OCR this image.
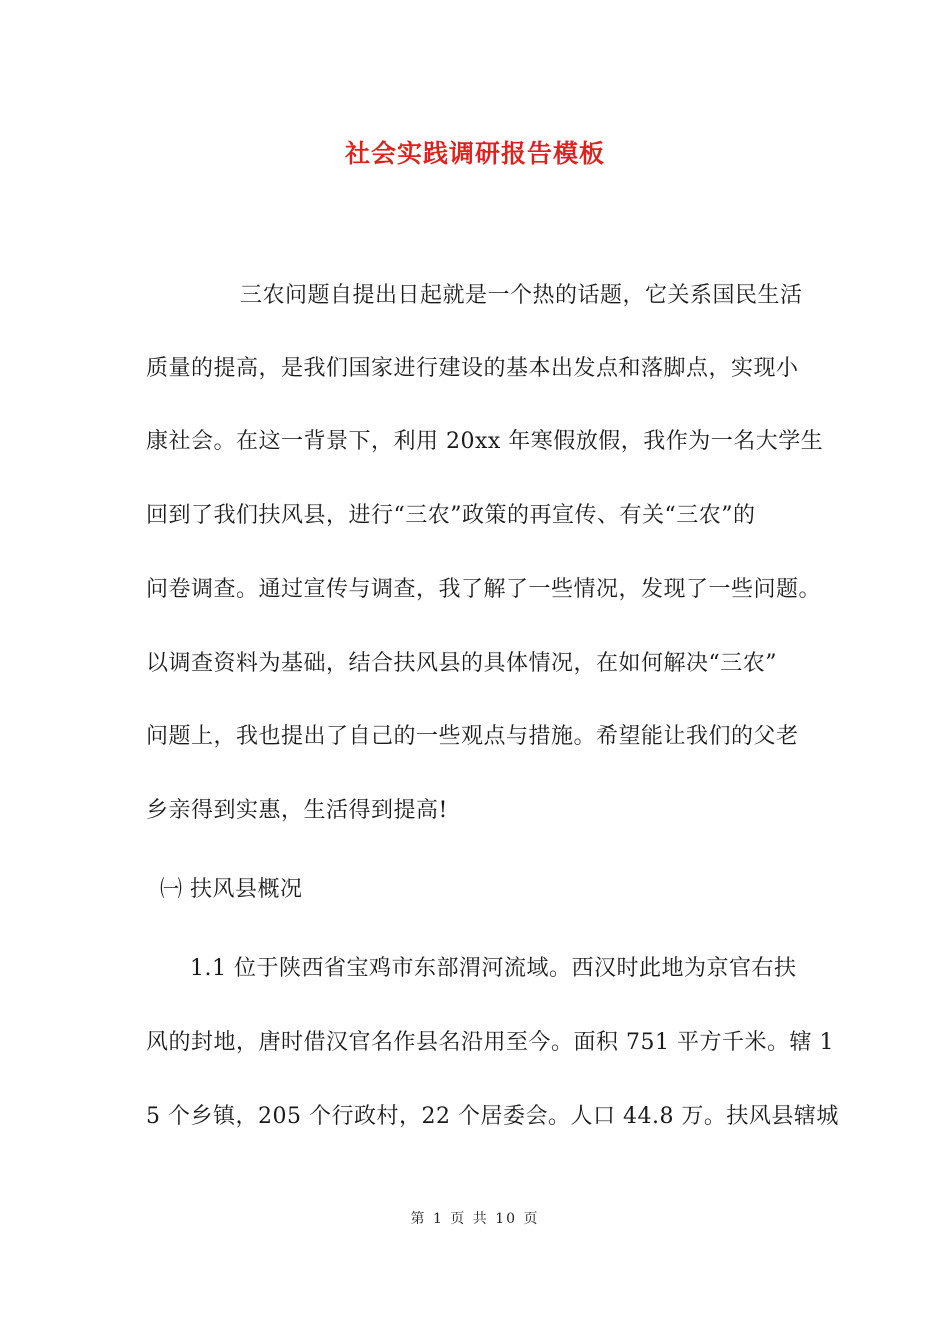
社会实践调研报告模板
三农问题自提出日起就是一个热的话题，它关系国民生活
质量的提高，是我们国家进行建设的基本出发点和落脚点，实现小
康社会。在这一背景下，利用 20xx 年寒假放假，我作为一名大学生
回到了我们扶风县，进行“三农”政策的再宣传、有关“三农”的
问卷调查。通过宣传与调查，我了解了一些情况，发现了一些问题。
以调查资料为基础，结合扶风县的具体情况，在如何解决“三农”
问题上，我也提出了自己的一些观点与措施。希望能让我们的父老
乡亲得到实惠，生活得到提高!
㈠ 扶风县概况
1.1 位于陕西省宝鸡市东部渭河流域。西汉时此地为京官右扶
风的封地，唐时借汉官名作县名沿用至今。面积 751 平方千米。辖 1
5 个乡镇，205 个行政村，22 个居委会。人口 44.8 万。扶风县辖城
第 1 页 共 10 页
